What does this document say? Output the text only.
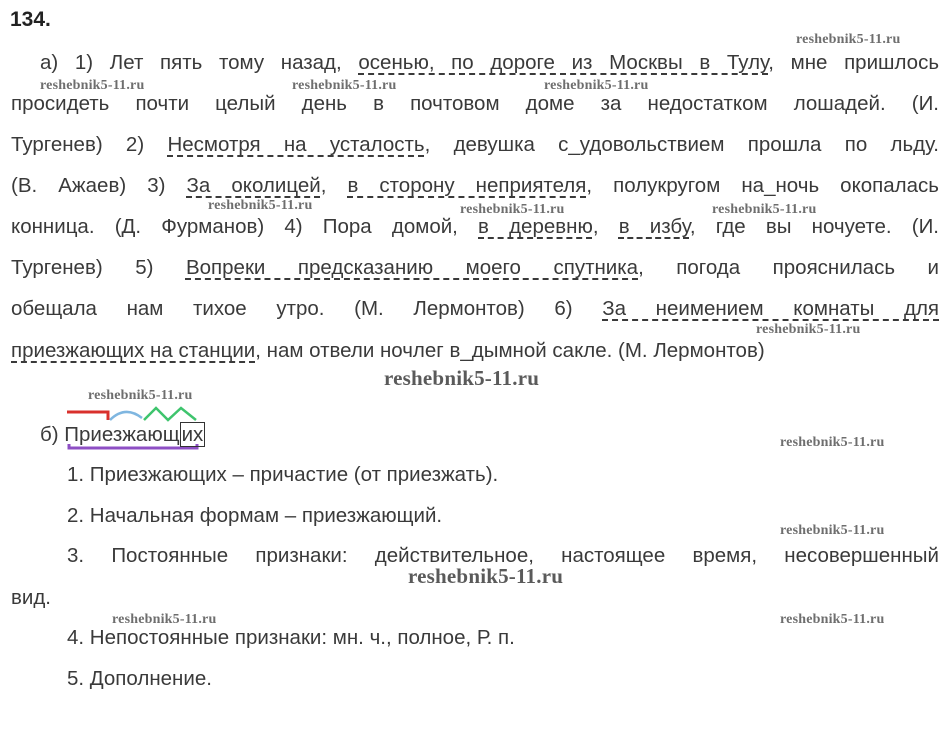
134.
reshebnik5-11.ru
reshebnik5-11.ru	reshebnik5-11.ru	reshebnik5-11.ru
reshebnik5-11.ru	reshebnik5-11.ru	reshebnik5-11.ru
reshebnik5-11.ru
reshebnik5-11.ru
reshebnik5-11.ru
reshebnik5-11.ru
reshebnik5-11.ru
reshebnik5-11.ru
reshebnik5-11.ru	reshebnik5-11.ru
а) 1) Лет пять тому назад, осенью, по дороге из Москвы в Тулу, мне пришлось
просидеть почти целый день в почтовом доме за недостатком лошадей. (И.
Тургенев) 2) Несмотря на усталость, девушка с_удовольствием прошла по льду.
(В. Ажаев) 3) За околицей, в сторону неприятеля, полукругом на_ночь окопалась
конница. (Д. Фурманов) 4) Пора домой, в деревню, в избу, где вы ночуете. (И.
Тургенев) 5) Вопреки предсказанию моего спутника, погода прояснилась и
обещала нам тихое утро. (М. Лермонтов) 6) За неимением комнаты для
приезжающих на станции, нам отвели ночлег в_дымной сакле. (М. Лермонтов)
б) Приезжающих
1. Приезжающих – причастие (от приезжать).
2. Начальная формам – приезжающий.
3. Постоянные признаки: действительное, настоящее время, несовершенный
вид.
4. Непостоянные признаки: мн. ч., полное, Р. п.
5. Дополнение.
